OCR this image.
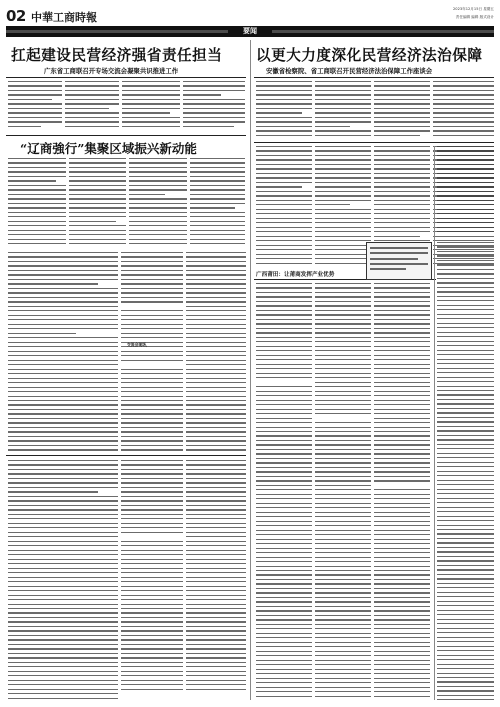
02 中華工商時報
2023年12月15日 星期五
责任编辑 编辑 版式设计
要闻
扛起建设民营经济强省责任担当
广东省工商联召开专场交流会凝聚共识推进工作
以更大力度深化民营经济法治保障
安徽省检察院、省工商联召开民营经济法治保障工作座谈会
“辽商強行”集聚区域振兴新动能
广西莆田：让莆商发挥产业优势
交流会现场，
